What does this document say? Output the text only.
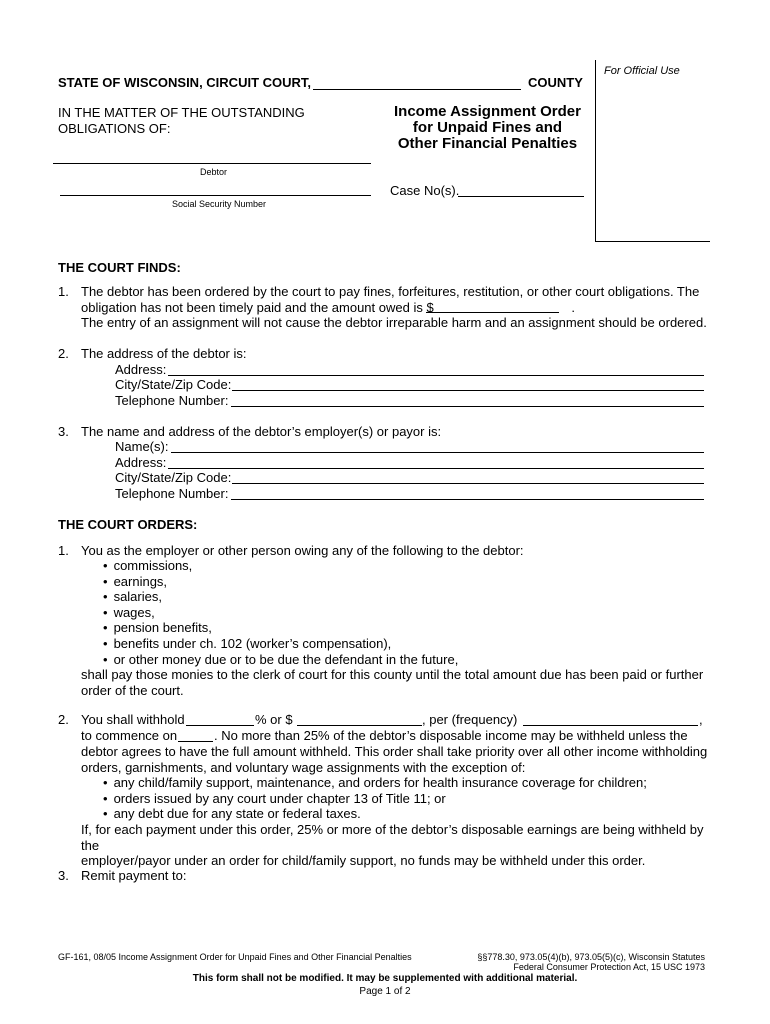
For Official Use
STATE OF WISCONSIN, CIRCUIT COURT,	COUNTY
IN THE MATTER OF THE OUTSTANDING
OBLIGATIONS OF:
Income Assignment Order
for Unpaid Fines and
Other Financial Penalties
Debtor
Social Security Number
Case No(s).
THE COURT FINDS:
1. The debtor has been ordered by the court to pay fines, forfeitures, restitution, or other court obligations. The
obligation has not been timely paid and the amount owed is $	.
The entry of an assignment will not cause the debtor irreparable harm and an assignment should be ordered.
2. The address of the debtor is:
Address:
City/State/Zip Code:
Telephone Number:
3. The name and address of the debtor’s employer(s) or payor is:
Name(s):
Address:
City/State/Zip Code:
Telephone Number:
THE COURT ORDERS:
1. You as the employer or other person owing any of the following to the debtor:
• commissions,
• earnings,
• salaries,
• wages,
• pension benefits,
• benefits under ch. 102 (worker’s compensation),
• or other money due or to be due the defendant in the future,
shall pay those monies to the clerk of court for this county until the total amount due has been paid or further
order of the court.
2. You shall withhold	% or $	, per (frequency)	,
to commence on	. No more than 25% of the debtor’s disposable income may be withheld unless the
debtor agrees to have the full amount withheld. This order shall take priority over all other income withholding
orders, garnishments, and voluntary wage assignments with the exception of:
• any child/family support, maintenance, and orders for health insurance coverage for children;
• orders issued by any court under chapter 13 of Title 11; or
• any debt due for any state or federal taxes.
If, for each payment under this order, 25% or more of the debtor’s disposable earnings are being withheld by the
employer/payor under an order for child/family support, no funds may be withheld under this order.
3. Remit payment to:
GF-161, 08/05 Income Assignment Order for Unpaid Fines and Other Financial Penalties	§§778.30, 973.05(4)(b), 973.05(5)(c), Wisconsin Statutes
Federal Consumer Protection Act, 15 USC 1973
This form shall not be modified. It may be supplemented with additional material.
Page 1 of 2
